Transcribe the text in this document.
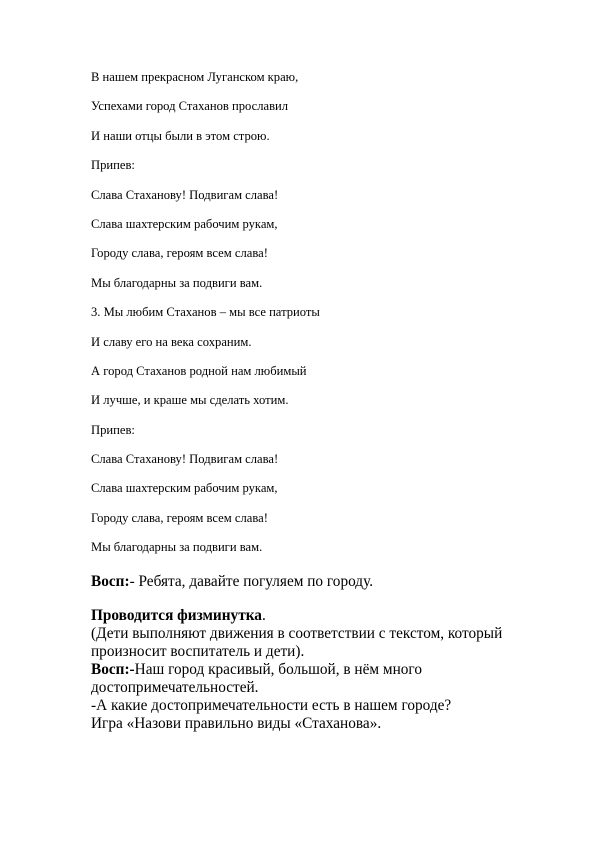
В нашем прекрасном Луганском краю,
Успехами город Стаханов прославил
И наши отцы были в этом строю.
Припев:
Слава Стаханову! Подвигам слава!
Слава шахтерским рабочим рукам,
Городу слава, героям всем слава!
Мы благодарны за подвиги вам.
3. Мы любим Стаханов – мы все патриоты
И славу его на века сохраним.
А город Стаханов родной нам любимый
И лучше, и краше мы сделать хотим.
Припев:
Слава Стаханову! Подвигам слава!
Слава шахтерским рабочим рукам,
Городу слава, героям всем слава!
Мы благодарны за подвиги вам.

Восп:- Ребята, давайте погуляем по городу.

Проводится физминутка.

(Дети выполняют движения в соответствии с текстом, который произносит воспитатель и дети).

Восп:-Наш город красивый, большой, в нём много достопримечательностей.

-А какие достопримечательности есть в нашем городе?

Игра «Назови правильно виды «Стаханова».
